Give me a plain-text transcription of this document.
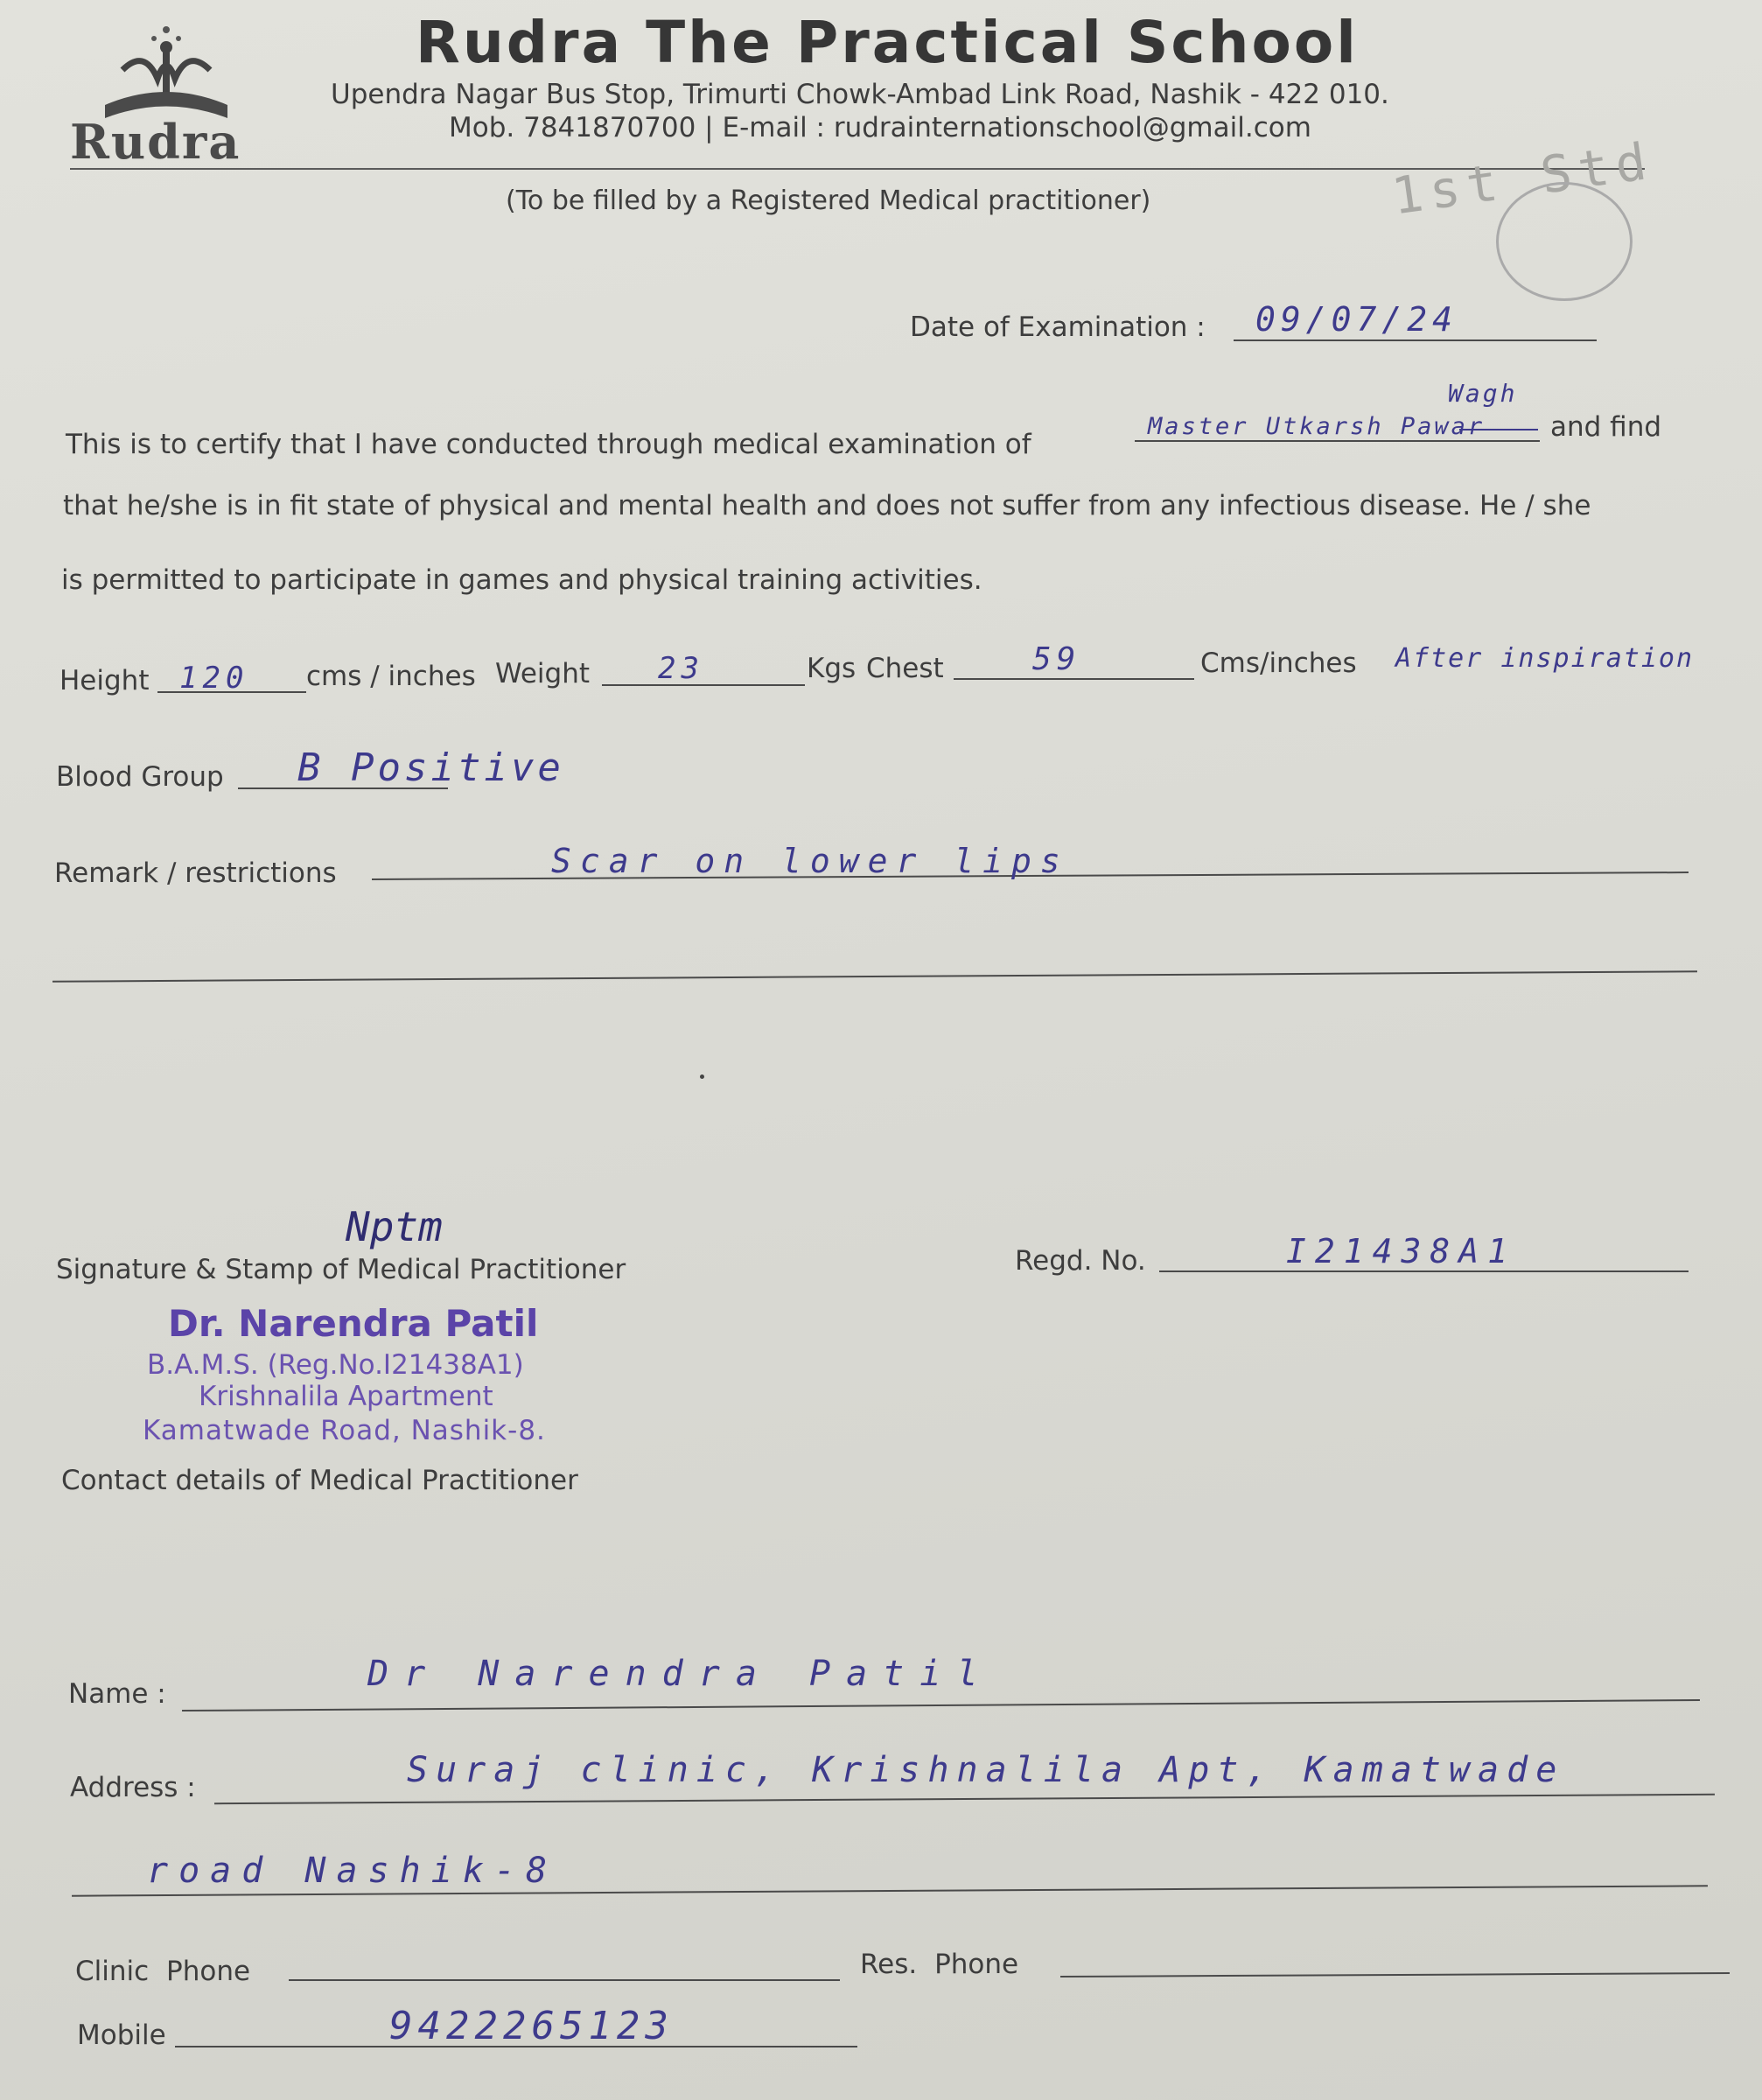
Rudra
Rudra The Practical School
Upendra Nagar Bus Stop, Trimurti Chowk-Ambad Link Road, Nashik - 422 010.
Mob. 7841870700 | E-mail : rudrainternationschool@gmail.com
(To be filled by a Registered Medical practitioner)	1st Std
Date of Examination : 09/07/24
This is to certify that I have conducted through medical examination of
Master Utkarsh Pawar
Wagh
and find
that he/she is in fit state of physical and mental health and does not suffer from any infectious disease. He / she
is permitted to participate in games and physical training activities.
Height 120 cms / inches Weight 23	Kgs Chest	59	Cms/inches After inspiration
Blood Group B Positive
Remark / restrictions	Scar on lower lips
Nptm
Signature & Stamp of Medical Practitioner	Regd. No.	I21438A1
Dr. Narendra Patil
B.A.M.S. (Reg.No.I21438A1)
Krishnalila Apartment
Kamatwade Road, Nashik-8.
Contact details of Medical Practitioner
Name :	Dr Narendra Patil
Address :	Suraj clinic, Krishnalila Apt, Kamatwade
road Nashik-8
Clinic Phone	Res. Phone
Mobile	9422265123
